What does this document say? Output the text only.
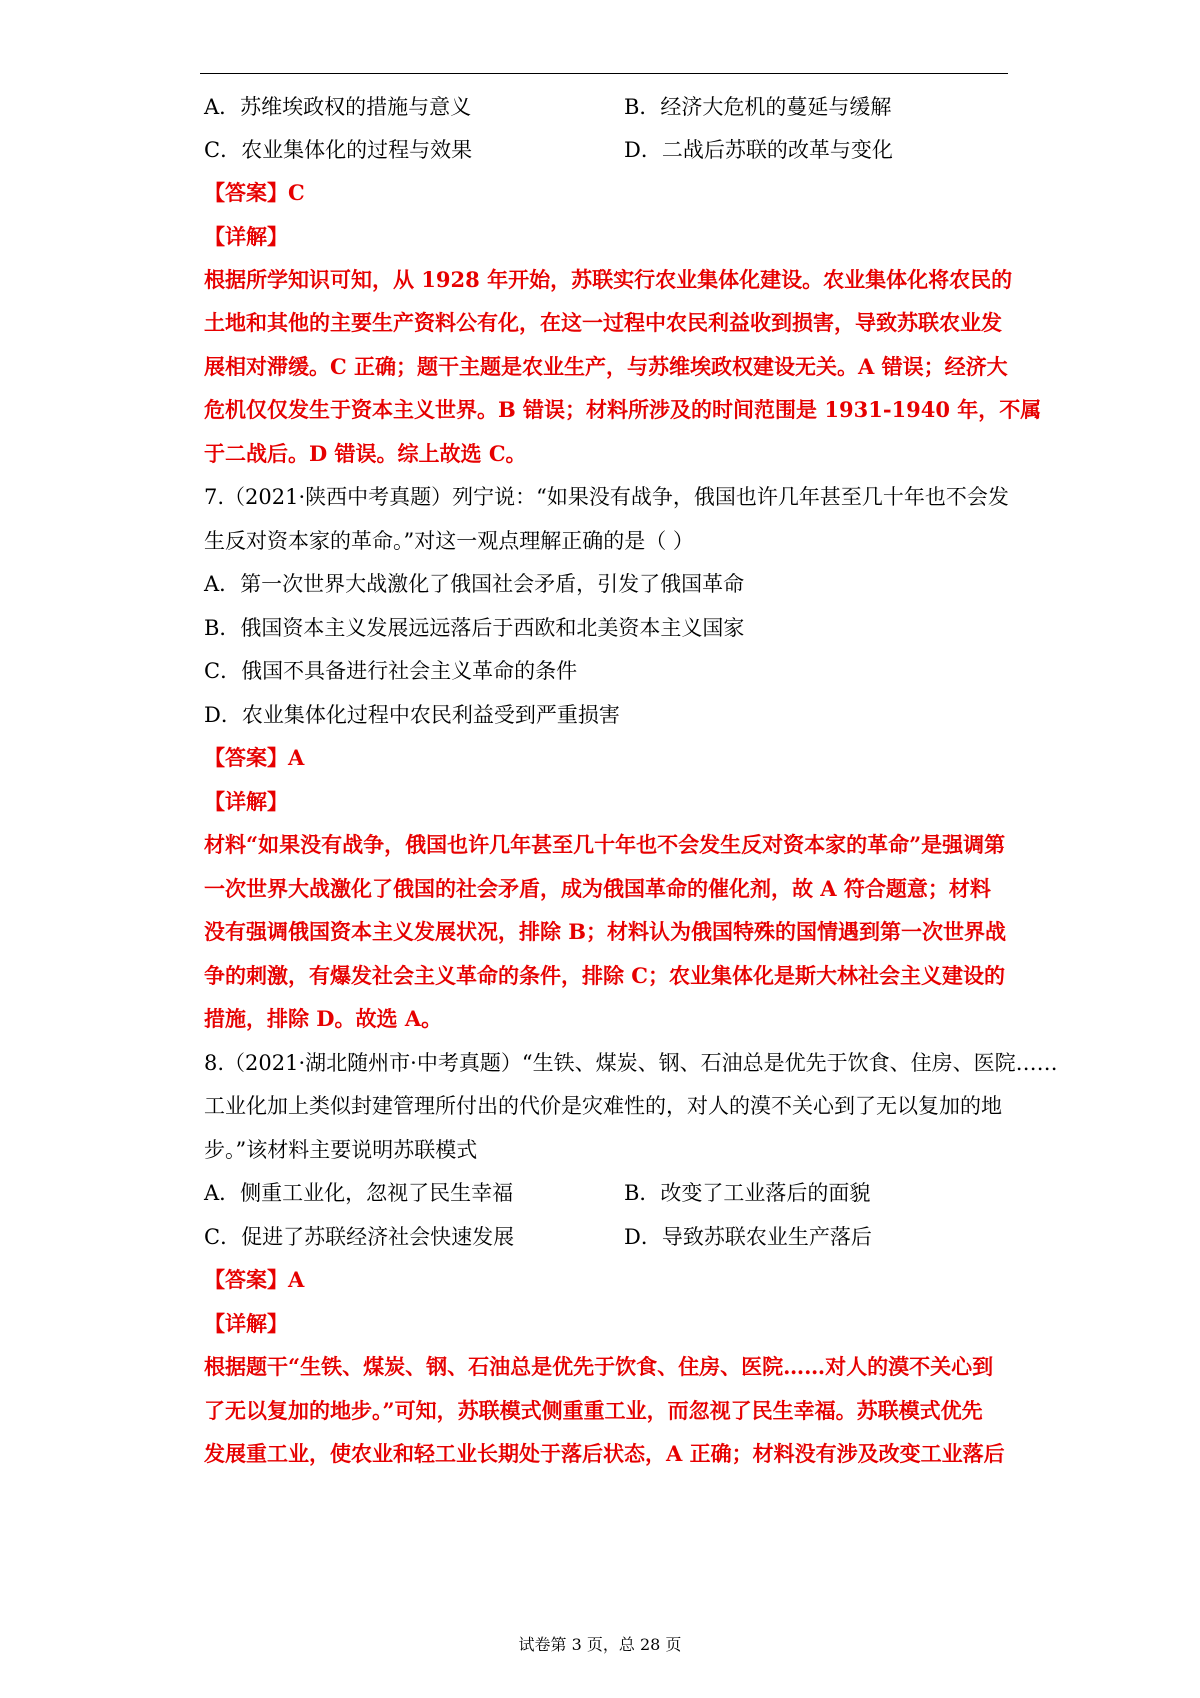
A．苏维埃政权的措施与意义	B．经济大危机的蔓延与缓解
C．农业集体化的过程与效果	D．二战后苏联的改革与变化
【答案】C
【详解】
根据所学知识可知，从 1928 年开始，苏联实行农业集体化建设。农业集体化将农民的
土地和其他的主要生产资料公有化，在这一过程中农民利益收到损害，导致苏联农业发
展相对滞缓。C 正确；题干主题是农业生产，与苏维埃政权建设无关。A 错误；经济大
危机仅仅发生于资本主义世界。B 错误；材料所涉及的时间范围是 1931-1940 年，不属
于二战后。D 错误。综上故选 C。
7.（2021·陕西中考真题）列宁说：“如果没有战争，俄国也许几年甚至几十年也不会发
生反对资本家的革命。”对这一观点理解正确的是（ ）
A．第一次世界大战激化了俄国社会矛盾，引发了俄国革命
B．俄国资本主义发展远远落后于西欧和北美资本主义国家
C．俄国不具备进行社会主义革命的条件
D．农业集体化过程中农民利益受到严重损害
【答案】A
【详解】
材料“如果没有战争，俄国也许几年甚至几十年也不会发生反对资本家的革命”是强调第
一次世界大战激化了俄国的社会矛盾，成为俄国革命的催化剂，故 A 符合题意；材料
没有强调俄国资本主义发展状况，排除 B；材料认为俄国特殊的国情遇到第一次世界战
争的刺激，有爆发社会主义革命的条件，排除 C；农业集体化是斯大林社会主义建设的
措施，排除 D。故选 A。
8.（2021·湖北随州市·中考真题）“生铁、煤炭、钢、石油总是优先于饮食、住房、医院……
工业化加上类似封建管理所付出的代价是灾难性的，对人的漠不关心到了无以复加的地
步。”该材料主要说明苏联模式
A．侧重工业化，忽视了民生幸福	B．改变了工业落后的面貌
C．促进了苏联经济社会快速发展	D．导致苏联农业生产落后
【答案】A
【详解】
根据题干“生铁、煤炭、钢、石油总是优先于饮食、住房、医院……对人的漠不关心到
了无以复加的地步。”可知，苏联模式侧重重工业，而忽视了民生幸福。苏联模式优先
发展重工业，使农业和轻工业长期处于落后状态，A 正确；材料没有涉及改变工业落后
试卷第 3 页，总 28 页
